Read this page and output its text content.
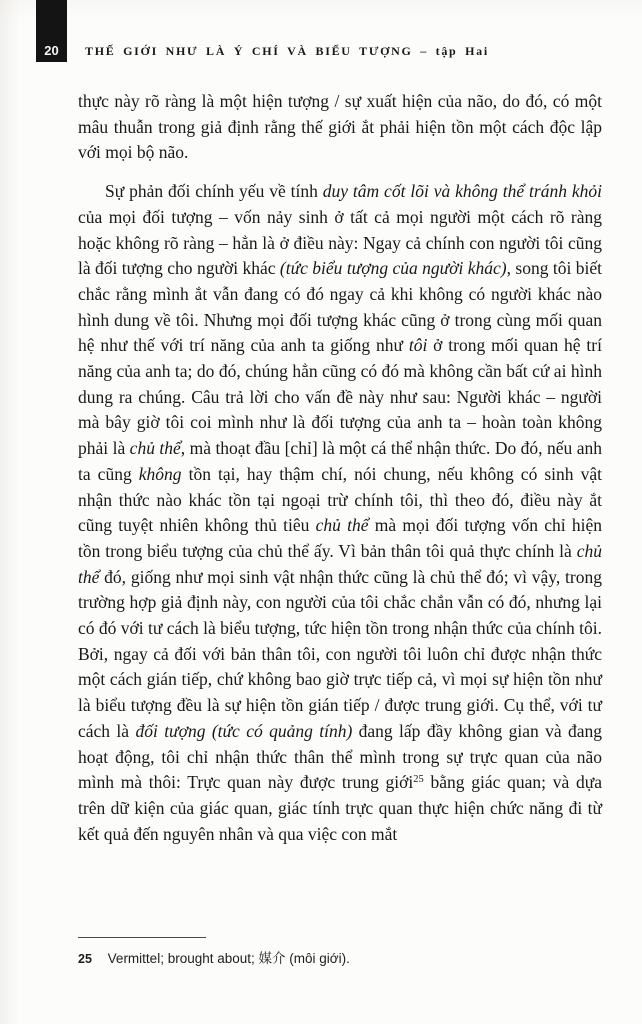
20 THẾ GIỚI NHƯ LÀ Ý CHÍ VÀ BIỂU TƯỢNG – tập Hai

thực này rõ ràng là một hiện tượng / sự xuất hiện của não, do đó, có một mâu thuẫn trong giả định rằng thế giới ắt phải hiện tồn một cách độc lập với mọi bộ não.

Sự phản đối chính yếu về tính duy tâm cốt lõi và không thể tránh khỏi của mọi đối tượng – vốn nảy sinh ở tất cả mọi người một cách rõ ràng hoặc không rõ ràng – hẳn là ở điều này: Ngay cả chính con người tôi cũng là đối tượng cho người khác (tức biểu tượng của người khác), song tôi biết chắc rằng mình ắt vẫn đang có đó ngay cả khi không có người khác nào hình dung về tôi. Nhưng mọi đối tượng khác cũng ở trong cùng mối quan hệ như thế với trí năng của anh ta giống như tôi ở trong mối quan hệ trí năng của anh ta; do đó, chúng hẳn cũng có đó mà không cần bất cứ ai hình dung ra chúng. Câu trả lời cho vấn đề này như sau: Người khác – người mà bây giờ tôi coi mình như là đối tượng của anh ta – hoàn toàn không phải là chủ thể, mà thoạt đầu [chỉ] là một cá thể nhận thức. Do đó, nếu anh ta cũng không tồn tại, hay thậm chí, nói chung, nếu không có sinh vật nhận thức nào khác tồn tại ngoại trừ chính tôi, thì theo đó, điều này ắt cũng tuyệt nhiên không thủ tiêu chủ thể mà mọi đối tượng vốn chỉ hiện tồn trong biểu tượng của chủ thể ấy. Vì bản thân tôi quả thực chính là chủ thể đó, giống như mọi sinh vật nhận thức cũng là chủ thể đó; vì vậy, trong trường hợp giả định này, con người của tôi chắc chắn vẫn có đó, nhưng lại có đó với tư cách là biểu tượng, tức hiện tồn trong nhận thức của chính tôi. Bởi, ngay cả đối với bản thân tôi, con người tôi luôn chỉ được nhận thức một cách gián tiếp, chứ không bao giờ trực tiếp cả, vì mọi sự hiện tồn như là biểu tượng đều là sự hiện tồn gián tiếp / được trung giới. Cụ thể, với tư cách là đối tượng (tức có quảng tính) đang lấp đầy không gian và đang hoạt động, tôi chỉ nhận thức thân thể mình trong sự trực quan của não mình mà thôi: Trực quan này được trung giới$^{25}$ bằng giác quan; và dựa trên dữ kiện của giác quan, giác tính trực quan thực hiện chức năng đi từ kết quả đến nguyên nhân và qua việc con mắt

25 Vermittel; brought about; 媒介 (môi giới).
